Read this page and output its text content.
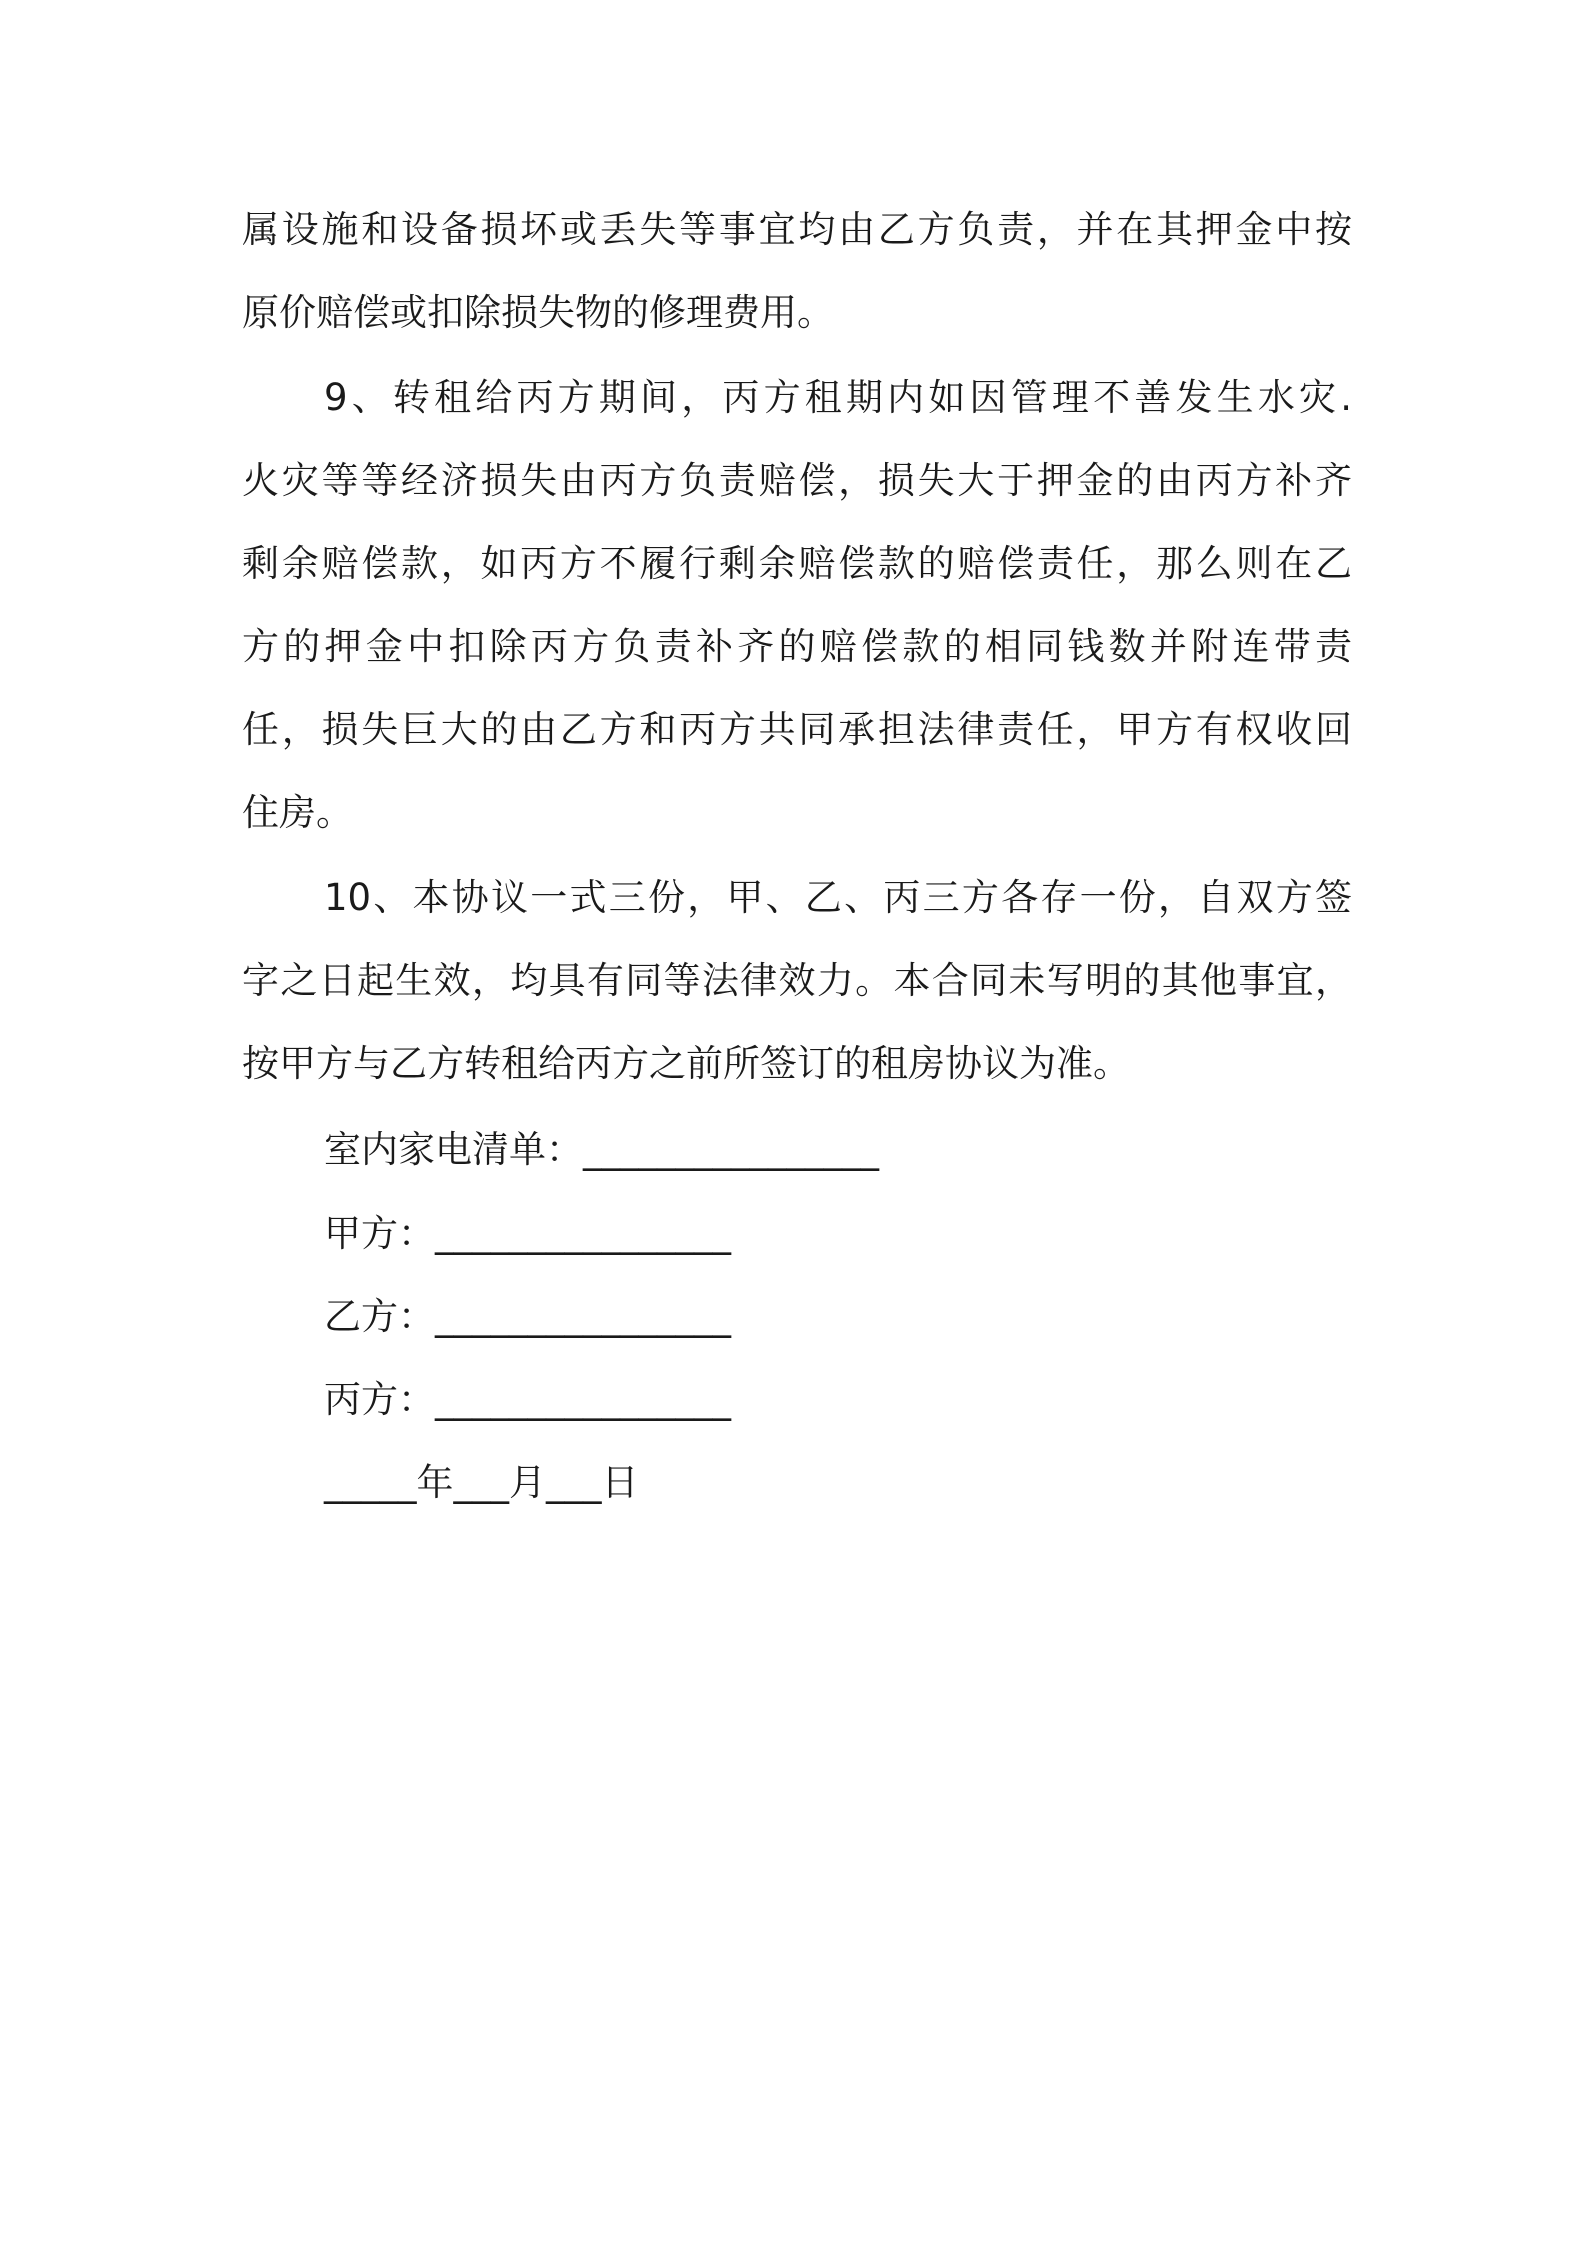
属设施和设备损坏或丢失等事宜均由乙方负责，并在其押金中按
原价赔偿或扣除损失物的修理费用。
9、转租给丙方期间，丙方租期内如因管理不善发生水灾.
火灾等等经济损失由丙方负责赔偿，损失大于押金的由丙方补齐
剩余赔偿款，如丙方不履行剩余赔偿款的赔偿责任，那么则在乙
方的押金中扣除丙方负责补齐的赔偿款的相同钱数并附连带责
任，损失巨大的由乙方和丙方共同承担法律责任，甲方有权收回
住房。
10、本协议一式三份，甲、乙、丙三方各存一份，自双方签
字之日起生效，均具有同等法律效力。本合同未写明的其他事宜，
按甲方与乙方转租给丙方之前所签订的租房协议为准。
室内家电清单：________________
甲方：________________
乙方：________________
丙方：________________
_____年___月___日
